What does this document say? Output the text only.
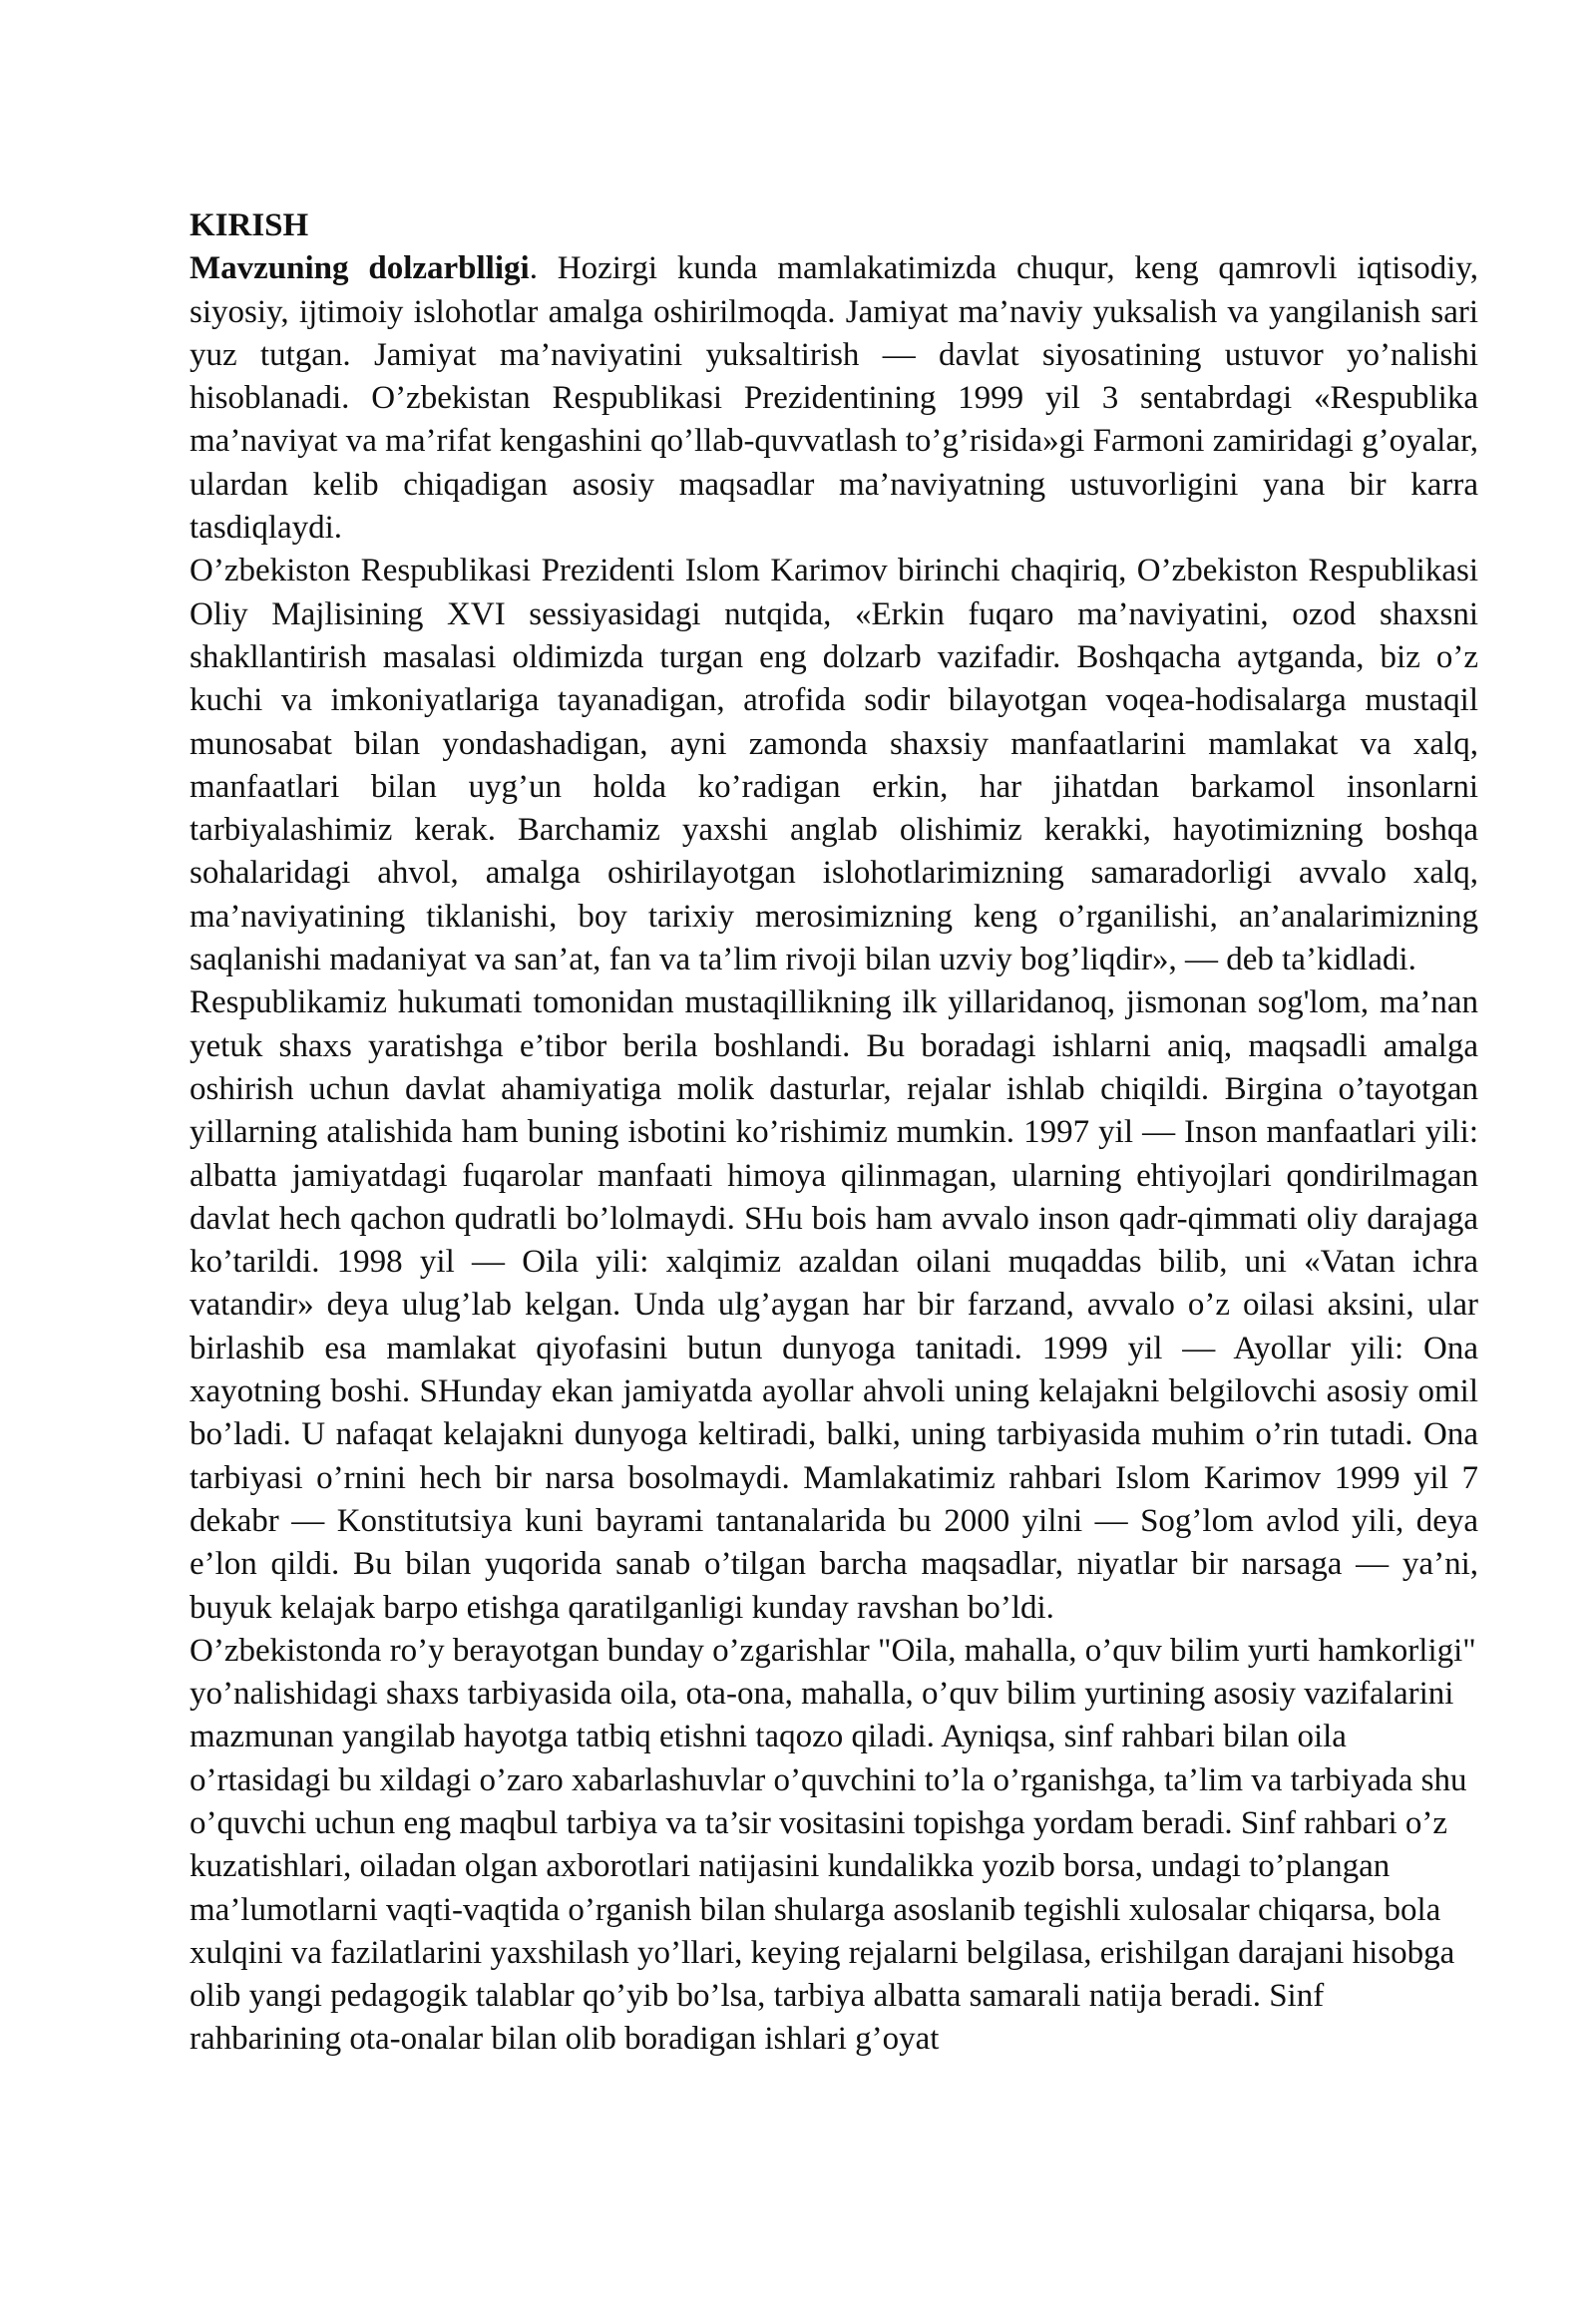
KIRISH

Mavzuning dolzarblligi. Hozirgi kunda mamlakatimizda chuqur, keng qamrovli iqtisodiy, siyosiy, ijtimoiy islohotlar amalga oshirilmoqda. Jamiyat ma’naviy yuksalish va yangilanish sari yuz tutgan. Jamiyat ma’naviyatini yuksaltirish — davlat siyosatining ustuvor yo’nalishi hisoblanadi. O’zbekistan Respublikasi Prezidentining 1999 yil 3 sentabrdagi «Respublika ma’naviyat va ma’rifat kengashini qo’llab-quvvatlash to’g’risida»gi Farmoni zamiridagi g’oyalar, ulardan kelib chiqadigan asosiy maqsadlar ma’naviyatning ustuvorligini yana bir karra tasdiqlaydi.

O’zbekiston Respublikasi Prezidenti Islom Karimov birinchi chaqiriq, O’zbekiston Respublikasi Oliy Majlisining XVI sessiyasidagi nutqida, «Erkin fuqaro ma’naviyatini, ozod shaxsni shakllantirish masalasi oldimizda turgan eng dolzarb vazifadir. Boshqacha aytganda, biz o’z kuchi va imkoniyatlariga tayanadigan, atrofida sodir bilayotgan voqea-hodisalarga mustaqil munosabat bilan yondashadigan, ayni zamonda shaxsiy manfaatlarini mamlakat va xalq, manfaatlari bilan uyg’un holda ko’radigan erkin, har jihatdan barkamol insonlarni tarbiyalashimiz kerak. Barchamiz yaxshi anglab olishimiz kerakki, hayotimizning boshqa sohalaridagi ahvol, amalga oshirilayotgan islohotlarimizning samaradorligi avvalo xalq, ma’naviyatining tiklanishi, boy tarixiy merosimizning keng o’rganilishi, an’analarimizning saqlanishi madaniyat va san’at, fan va ta’lim rivoji bilan uzviy bog’liqdir», — deb ta’kidladi.

Respublikamiz hukumati tomonidan mustaqillikning ilk yillaridanoq, jismonan sog'lom, ma’nan yetuk shaxs yaratishga e’tibor berila boshlandi. Bu boradagi ishlarni aniq, maqsadli amalga oshirish uchun davlat ahamiyatiga molik dasturlar, rejalar ishlab chiqildi. Birgina o’tayotgan yillarning atalishida ham buning isbotini ko’rishimiz mumkin. 1997 yil — Inson manfaatlari yili: albatta jamiyatdagi fuqarolar manfaati himoya qilinmagan, ularning ehtiyojlari qondirilmagan davlat hech qachon qudratli bo’lolmaydi. SHu bois ham avvalo inson qadr-qimmati oliy darajaga ko’tarildi. 1998 yil — Oila yili: xalqimiz azaldan oilani muqaddas bilib, uni «Vatan ichra vatandir» deya ulug’lab kelgan. Unda ulg’aygan har bir farzand, avvalo o’z oilasi aksini, ular birlashib esa mamlakat qiyofasini butun dunyoga tanitadi. 1999 yil — Ayollar yili: Ona xayotning boshi. SHunday ekan jamiyatda ayollar ahvoli uning kelajakni belgilovchi asosiy omil bo’ladi. U nafaqat kelajakni dunyoga keltiradi, balki, uning tarbiyasida muhim o’rin tutadi. Ona tarbiyasi o’rnini hech bir narsa bosolmaydi. Mamlakatimiz rahbari Islom Karimov 1999 yil 7 dekabr — Konstitutsiya kuni bayrami tantanalarida bu 2000 yilni — Sog’lom avlod yili, deya e’lon qildi. Bu bilan yuqorida sanab o’tilgan barcha maqsadlar, niyatlar bir narsaga — ya’ni, buyuk kelajak barpo etishga qaratilganligi kunday ravshan bo’ldi.

O’zbekistonda ro’y berayotgan bunday o’zgarishlar "Oila, mahalla, o’quv bilim yurti hamkorligi" yo’nalishidagi shaxs tarbiyasida oila, ota-ona, mahalla, o’quv bilim yurtining asosiy vazifalarini mazmunan yangilab hayotga tatbiq etishni taqozo qiladi. Ayniqsa, sinf rahbari bilan oila o’rtasidagi bu xildagi o’zaro xabarlashuvlar o’quvchini to’la o’rganishga, ta’lim va tarbiyada shu o’quvchi uchun eng maqbul tarbiya va ta’sir vositasini topishga yordam beradi. Sinf rahbari o’z kuzatishlari, oiladan olgan axborotlari natijasini kundalikka yozib borsa, undagi to’plangan ma’lumotlarni vaqti-vaqtida o’rganish bilan shularga asoslanib tegishli xulosalar chiqarsa, bola xulqini va fazilatlarini yaxshilash yo’llari, keying rejalarni belgilasa, erishilgan darajani hisobga olib yangi pedagogik talablar qo’yib bo’lsa, tarbiya albatta samarali natija beradi. Sinf rahbarining ota-onalar bilan olib boradigan ishlari g’oyat
